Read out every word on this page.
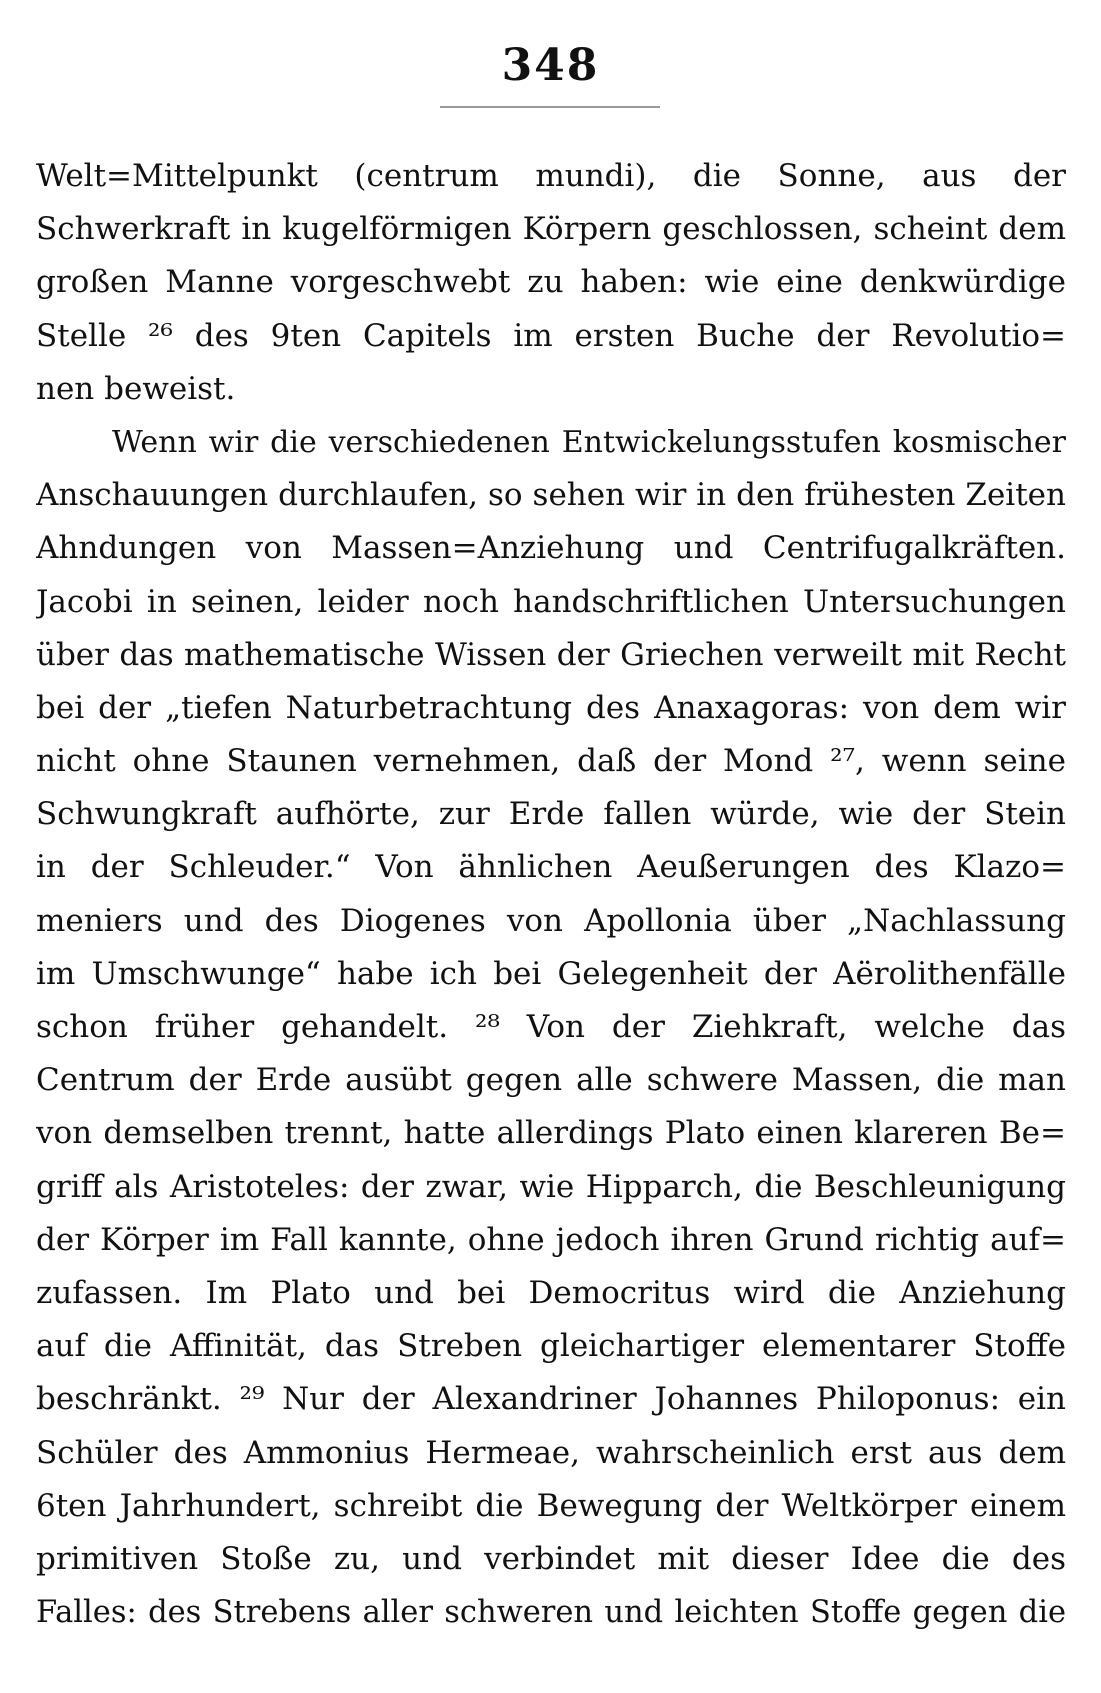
348
Welt=Mittelpunkt (centrum mundi), die Sonne, aus der
Schwerkraft in kugelförmigen Körpern geschlossen, scheint dem
großen Manne vorgeschwebt zu haben: wie eine denkwürdige
Stelle ²⁶ des 9ten Capitels im ersten Buche der Revolutio=
nen beweist.
Wenn wir die verschiedenen Entwickelungsstufen kosmischer
Anschauungen durchlaufen, so sehen wir in den frühesten Zeiten
Ahndungen von Massen=Anziehung und Centrifugalkräften.
Jacobi in seinen, leider noch handschriftlichen Untersuchungen
über das mathematische Wissen der Griechen verweilt mit Recht
bei der „tiefen Naturbetrachtung des Anaxagoras: von dem wir
nicht ohne Staunen vernehmen, daß der Mond ²⁷, wenn seine
Schwungkraft aufhörte, zur Erde fallen würde, wie der Stein
in der Schleuder.“ Von ähnlichen Aeußerungen des Klazo=
meniers und des Diogenes von Apollonia über „Nachlassung
im Umschwunge“ habe ich bei Gelegenheit der Aërolithenfälle
schon früher gehandelt. ²⁸ Von der Ziehkraft, welche das
Centrum der Erde ausübt gegen alle schwere Massen, die man
von demselben trennt, hatte allerdings Plato einen klareren Be=
griff als Aristoteles: der zwar, wie Hipparch, die Beschleunigung
der Körper im Fall kannte, ohne jedoch ihren Grund richtig auf=
zufassen. Im Plato und bei Democritus wird die Anziehung
auf die Affinität, das Streben gleichartiger elementarer Stoffe
beschränkt. ²⁹ Nur der Alexandriner Johannes Philoponus: ein
Schüler des Ammonius Hermeae, wahrscheinlich erst aus dem
6ten Jahrhundert, schreibt die Bewegung der Weltkörper einem
primitiven Stoße zu, und verbindet mit dieser Idee die des
Falles: des Strebens aller schweren und leichten Stoffe gegen die
